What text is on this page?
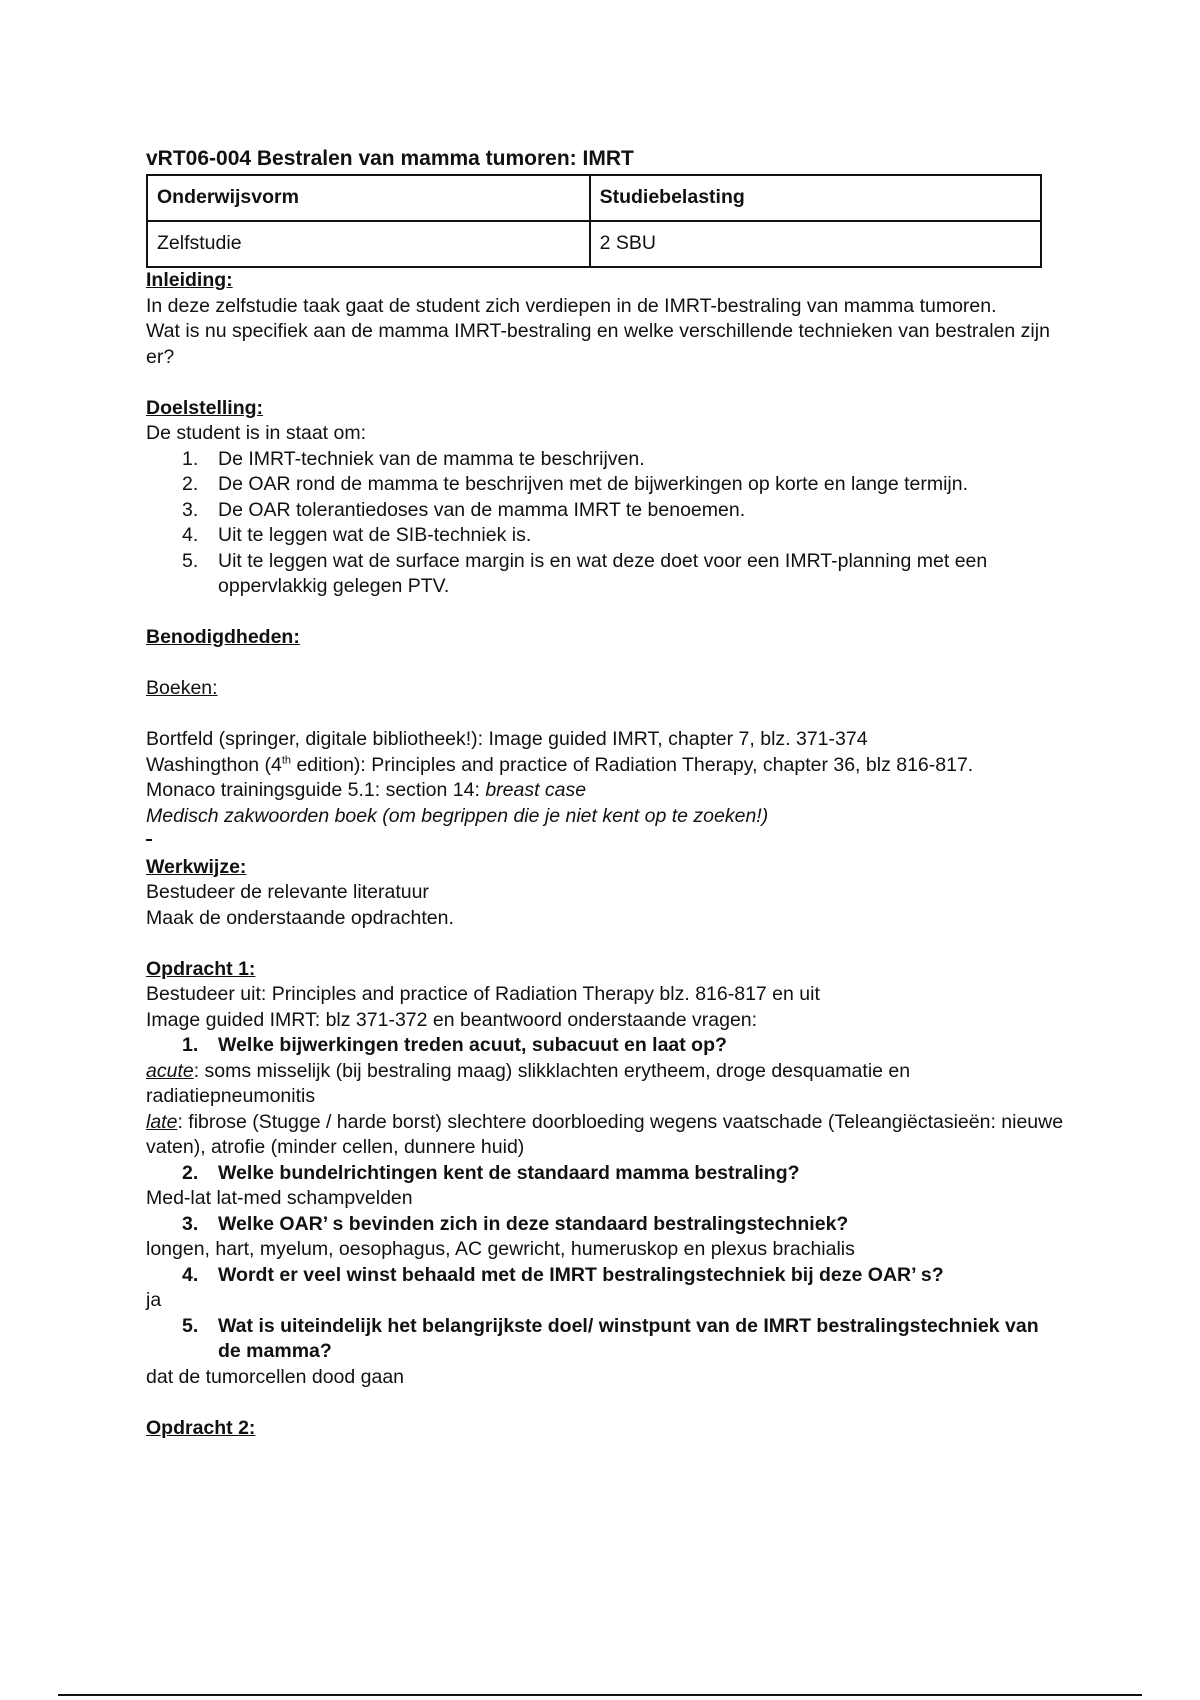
vRT06-004 Bestralen van mamma tumoren: IMRT
Onderwijsvorm	Studiebelasting
Zelfstudie	2 SBU

Inleiding:

In deze zelfstudie taak gaat de student zich verdiepen in de IMRT-bestraling van mamma tumoren.

Wat is nu specifiek aan de mamma IMRT-bestraling en welke verschillende technieken van bestralen zijn er?

Doelstelling:

De student is in staat om:

1. De IMRT-techniek van de mamma te beschrijven.
2. De OAR rond de mamma te beschrijven met de bijwerkingen op korte en lange termijn.
3. De OAR tolerantiedoses van de mamma IMRT te benoemen.
4. Uit te leggen wat de SIB-techniek is.
5. Uit te leggen wat de surface margin is en wat deze doet voor een IMRT-planning met een oppervlakkig gelegen PTV.

Benodigdheden:

Boeken:

Bortfeld (springer, digitale bibliotheek!): Image guided IMRT, chapter 7, blz. 371-374

Washingthon (4th edition): Principles and practice of Radiation Therapy, chapter 36, blz 816-817.

Monaco trainingsguide 5.1: section 14: breast case

Medisch zakwoorden boek (om begrippen die je niet kent op te zoeken!)

Werkwijze:

Bestudeer de relevante literatuur

Maak de onderstaande opdrachten.

Opdracht 1:

Bestudeer uit: Principles and practice of Radiation Therapy blz. 816-817 en uit

Image guided IMRT: blz 371-372 en beantwoord onderstaande vragen:

1. Welke bijwerkingen treden acuut, subacuut en laat op?

acute: soms misselijk (bij bestraling maag) slikklachten erytheem, droge desquamatie en radiatiepneumonitis

late: fibrose (Stugge / harde borst) slechtere doorbloeding wegens vaatschade (Teleangiëctasieën: nieuwe vaten), atrofie (minder cellen, dunnere huid)

2. Welke bundelrichtingen kent de standaard mamma bestraling?

Med-lat lat-med schampvelden

3. Welke OAR’ s bevinden zich in deze standaard bestralingstechniek?

longen, hart, myelum, oesophagus, AC gewricht, humeruskop en plexus brachialis

4. Wordt er veel winst behaald met de IMRT bestralingstechniek bij deze OAR’ s?

ja

5. Wat is uiteindelijk het belangrijkste doel/ winstpunt van de IMRT bestralingstechniek van de mamma?

dat de tumorcellen dood gaan

Opdracht 2:
